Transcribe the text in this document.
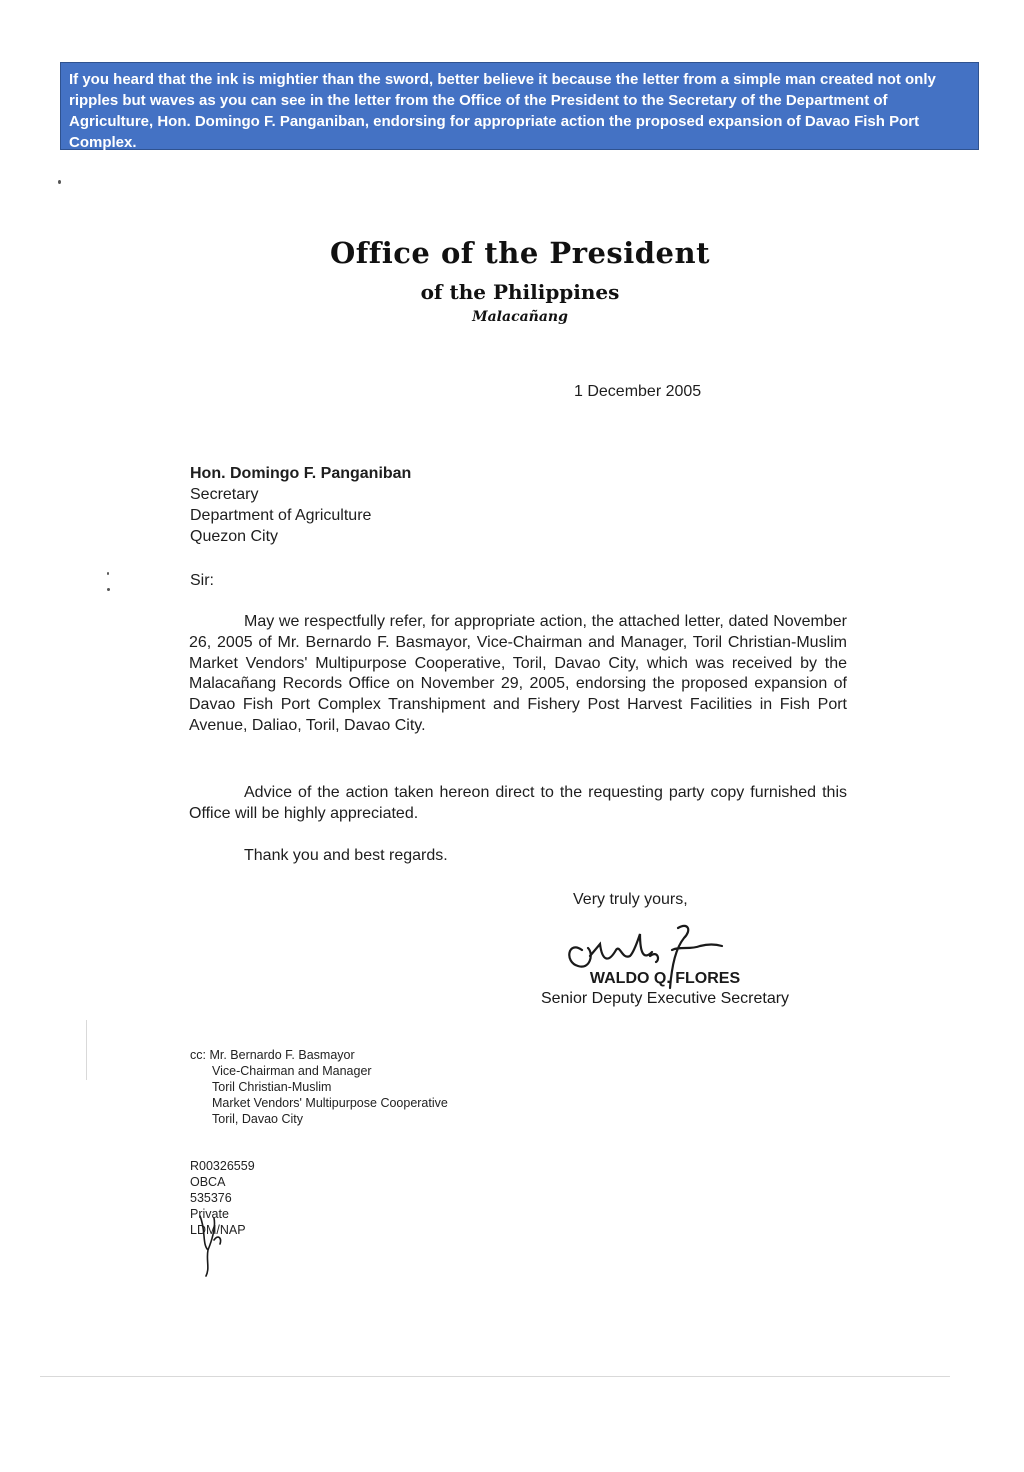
If you heard that the ink is mightier than the sword, better believe it because the letter from a simple man created not only ripples but waves as you can see in the letter from the Office of the President to the Secretary of the Department of Agriculture, Hon. Domingo F. Panganiban, endorsing for appropriate action the proposed expansion of Davao Fish Port Complex.
Office of the President
of the Philippines
Malacañang
1 December 2005
Hon. Domingo F. Panganiban
Secretary
Department of Agriculture
Quezon City
Sir:
May we respectfully refer, for appropriate action, the attached letter, dated November 26, 2005 of Mr. Bernardo F. Basmayor, Vice-Chairman and Manager, Toril Christian-Muslim Market Vendors' Multipurpose Cooperative, Toril, Davao City, which was received by the Malacañang Records Office on November 29, 2005, endorsing the proposed expansion of Davao Fish Port Complex Transhipment and Fishery Post Harvest Facilities in Fish Port Avenue, Daliao, Toril, Davao City.
Advice of the action taken hereon direct to the requesting party copy furnished this Office will be highly appreciated.
Thank you and best regards.
Very truly yours,
WALDO Q. FLORES
Senior Deputy Executive Secretary
cc: Mr. Bernardo F. Basmayor
Vice-Chairman and Manager
Toril Christian-Muslim
Market Vendors' Multipurpose Cooperative
Toril, Davao City
R00326559
OBCA
535376
Private
LDM/NAP
